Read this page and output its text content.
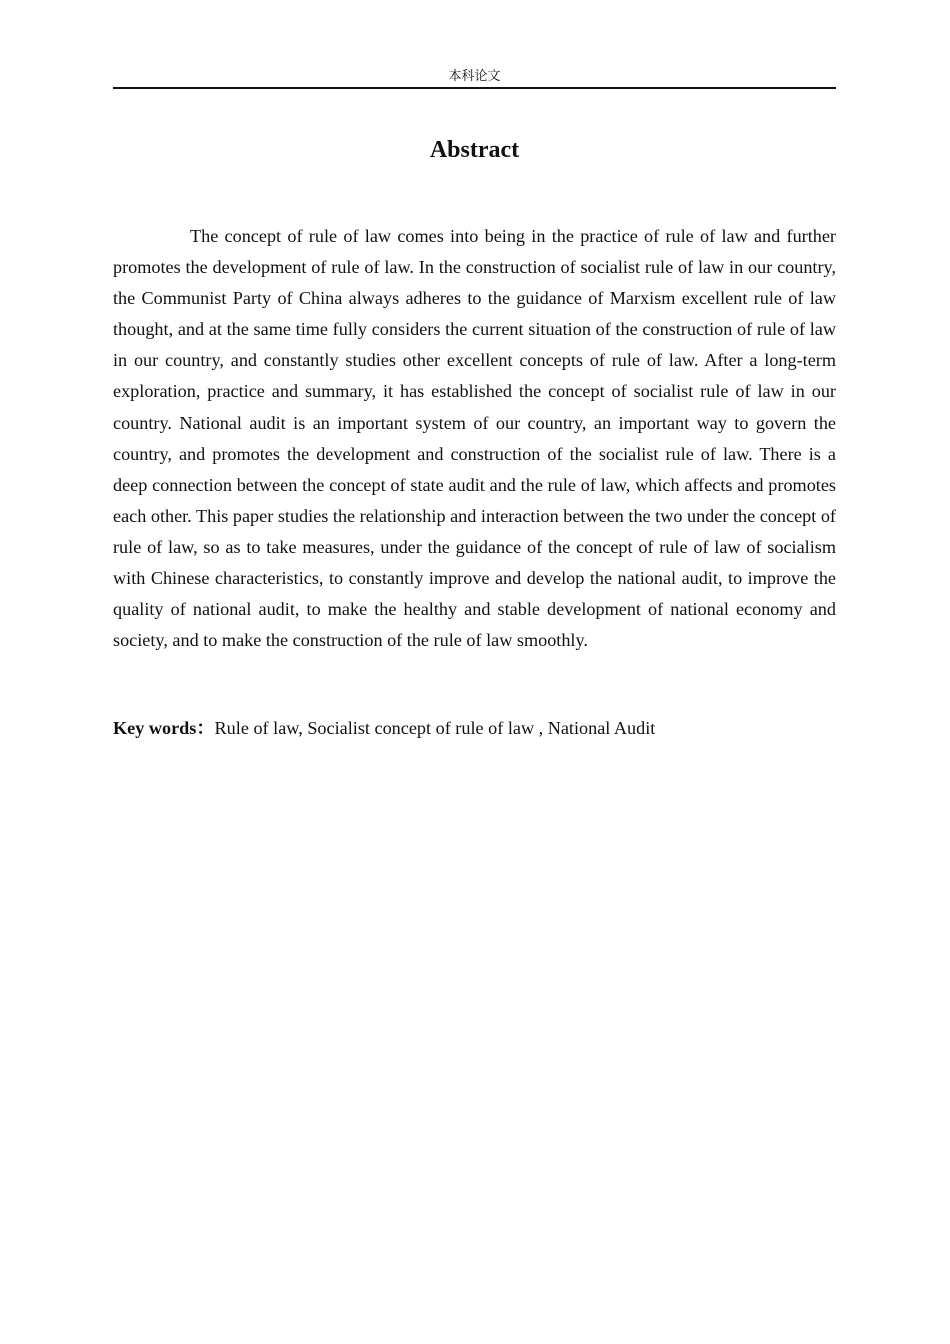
本科论文
Abstract

The concept of rule of law comes into being in the practice of rule of law and further promotes the development of rule of law. In the construction of socialist rule of law in our country, the Communist Party of China always adheres to the guidance of Marxism excellent rule of law thought, and at the same time fully considers the current situation of the construction of rule of law in our country, and constantly studies other excellent concepts of rule of law. After a long-term exploration, practice and summary, it has established the concept of socialist rule of law in our country. National audit is an important system of our country, an important way to govern the country, and promotes the development and construction of the socialist rule of law. There is a deep connection between the concept of state audit and the rule of law, which affects and promotes each other. This paper studies the relationship and interaction between the two under the concept of rule of law, so as to take measures, under the guidance of the concept of rule of law of socialism with Chinese characteristics, to constantly improve and develop the national audit, to improve the quality of national audit, to make the healthy and stable development of national economy and society, and to make the construction of the rule of law smoothly.

Key words：Rule of law, Socialist concept of rule of law , National Audit
